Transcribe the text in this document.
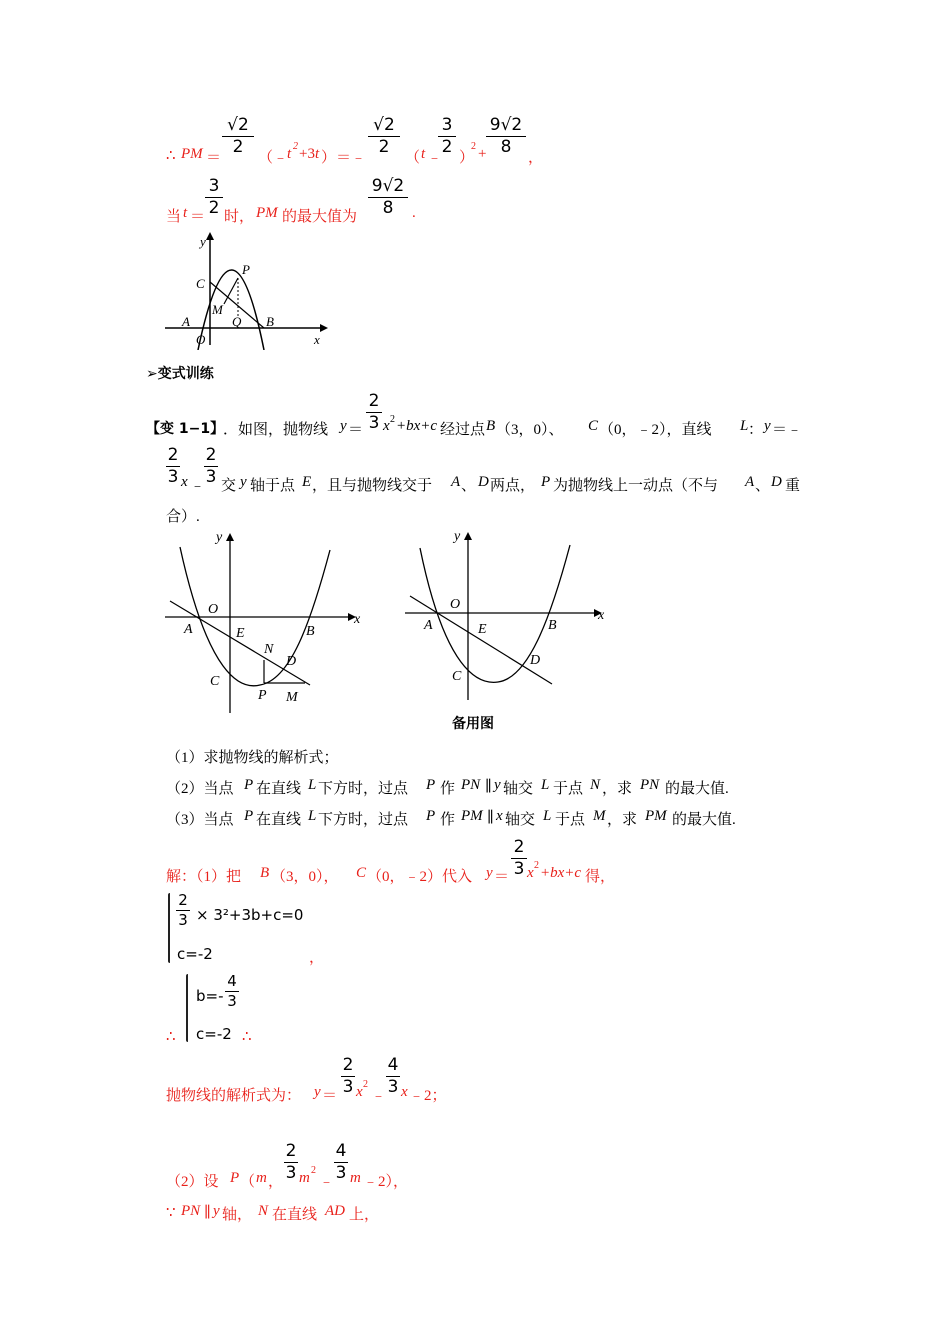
∴ PM ＝
√2
2
（﹣
t 2 +3 t ）＝﹣
√2
2
（ t ﹣
3
2
）
2 +
9√2
8
，
当 t ＝
3
2 时， PM 的最大值为
9√2
8	.
y
C
P
M
Q
A
O
B
x
➢变式训练
【变 1−1】
．如图，抛物线 y ＝
2
3 x 2 +bx+c 经过点 B （3，0）、 C （0，﹣2），直线 L ： y ＝﹣
2
3 x ﹣
2
3 交 y 轴于点 E ，且与抛物线交于 A 、 D 两点， P 为抛物线上一动点（不与 A 、 D 重
合）.
y
O
x
A	E	B
N
D
C
P M
y
O
x
A	E	B
D
C
备用图
（1）求抛物线的解析式；
（2）当点 P 在直线 L 下方时，过点 P 作 PN ∥ y 轴交 L 于点 N ，求 PN 的最大值.
（3）当点 P 在直线 L 下方时，过点 P 作 PM ∥ x 轴交 L 于点 M ，求 PM 的最大值.
解：（1）把 B （3，0）， C （0，﹣2）代入 y ＝
2
3 x 2 +bx+c 得，
2
3 × 3²+3b+c=0
c=-2	，
b=-
4
3
c=-2
∴	∴
抛物线的解析式为： y ＝
2
3 x 2
﹣
4
3 x ﹣2；
（2）设 P （ m ，
2
3 m 2
﹣
4
3 m ﹣2），
∵ PN ∥ y 轴， N 在直线 AD 上，
